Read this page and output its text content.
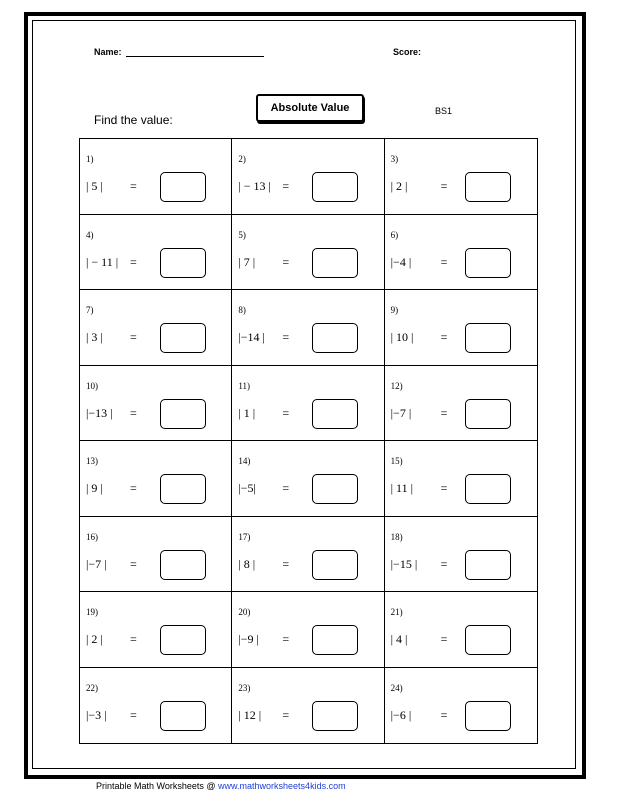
Name:	Score:
Absolute Value	BS1
Find the value:
1)
| 5 | =
2)
| − 13 | =
3)
| 2 |	=
4)
| − 11 | =
5)
| 7 | =
6)
|−4 | =
7)
| 3 | =
8)
|−14 | =
9)
| 10 | =
10)
|−13 | =
11)
| 1 | =
12)
|−7 | =
13)
| 9 | =
14)
|−5| =
15)
| 11 | =
16)
|−7 | =
17)
| 8 | =
18)
|−15 | =
19)
| 2 | =
20)
|−9 | =
21)
| 4 |	=
22)
|−3 | =
23)
| 12 | =
24)
|−6 | =
Printable Math Worksheets @ www.mathworksheets4kids.com
